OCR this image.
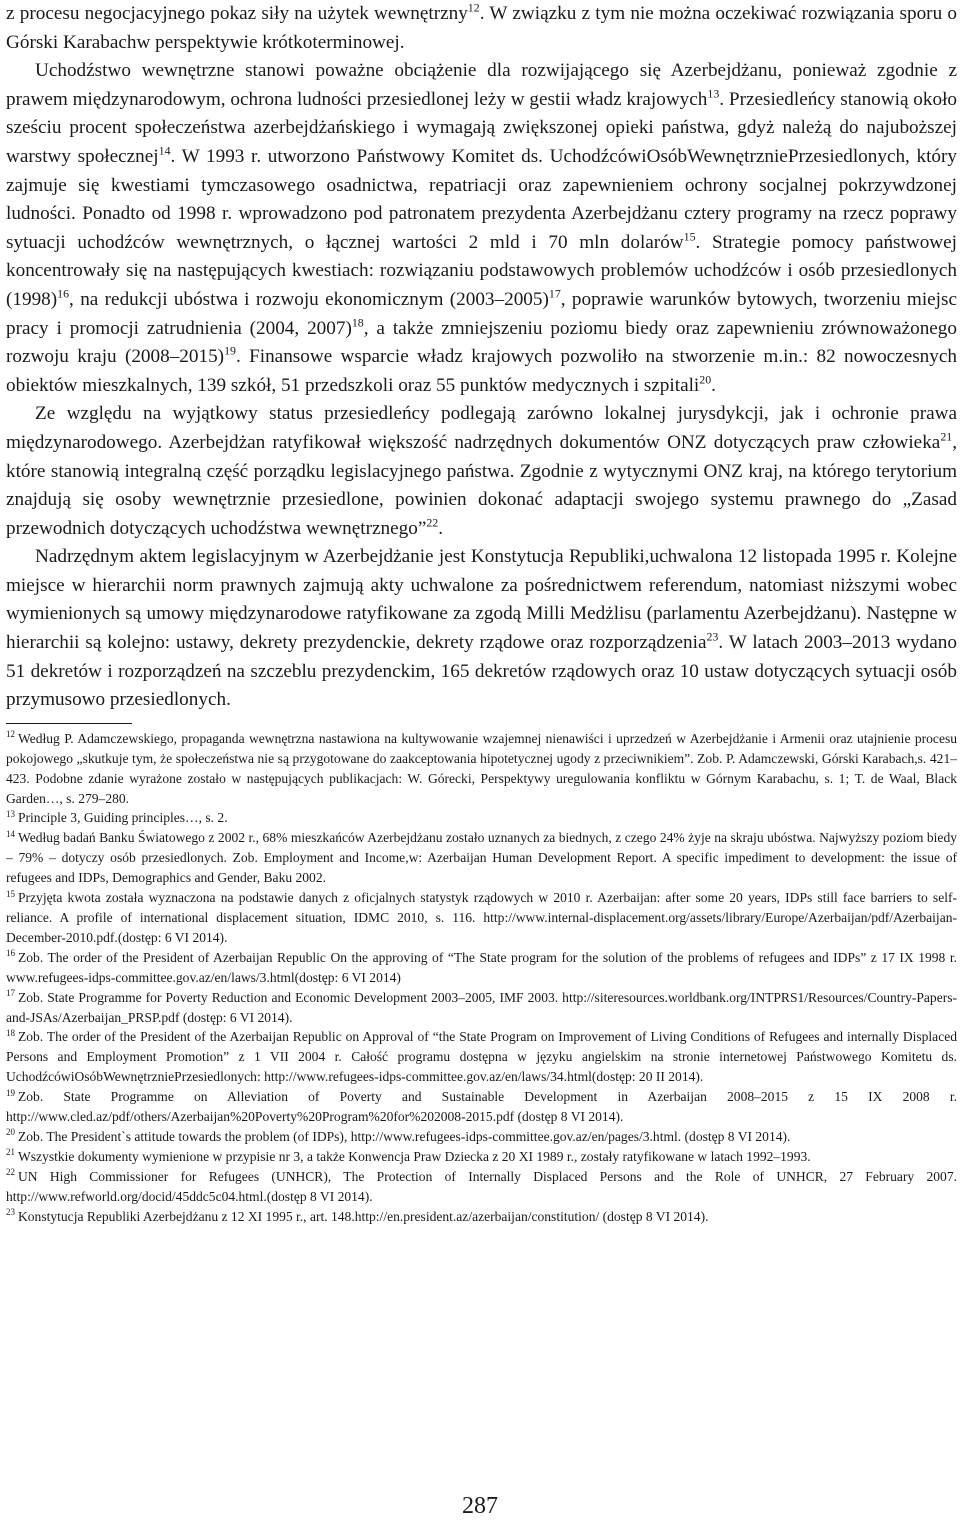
z procesu negocjacyjnego pokaz siły na użytek wewnętrzny$^{12}$. W związku z tym nie można oczekiwać rozwiązania sporu o Górski Karabachw perspektywie krótkoterminowej.

Uchodźstwo wewnętrzne stanowi poważne obciążenie dla rozwijającego się Azerbejdżanu, ponieważ zgodnie z prawem międzynarodowym, ochrona ludności przesiedlonej leży w gestii władz krajowych$^{13}$. Przesiedleńcy stanowią około sześciu procent społeczeństwa azerbejdżańskiego i wymagają zwiększonej opieki państwa, gdyż należą do najuboższej warstwy społecznej$^{14}$. W 1993 r. utworzono Państwowy Komitet ds. UchodźcówiOsóbWewnętrzniePrzesiedlonych, który zajmuje się kwestiami tymczasowego osadnictwa, repatriacji oraz zapewnieniem ochrony socjalnej pokrzywdzonej ludności. Ponadto od 1998 r. wprowadzono pod patronatem prezydenta Azerbejdżanu cztery programy na rzecz poprawy sytuacji uchodźców wewnętrznych, o łącznej wartości 2 mld i 70 mln dolarów$^{15}$. Strategie pomocy państwowej koncentrowały się na następujących kwestiach: rozwiązaniu podstawowych problemów uchodźców i osób przesiedlonych $(1998)^{16}$, na redukcji ubóstwa i rozwoju ekonomicznym (2003–2005)$^{17}$, poprawie warunków bytowych, tworzeniu miejsc pracy i promocji zatrudnienia (2004, 2007)$^{18}$, a także zmniejszeniu poziomu biedy oraz zapewnieniu zrównoważonego rozwoju kraju (2008–2015)$^{19}$. Finansowe wsparcie władz krajowych pozwoliło na stworzenie m.in.: 82 nowoczesnych obiektów mieszkalnych, 139 szkół, 51 przedszkoli oraz 55 punktów medycznych i szpitali$^{20}$.

Ze względu na wyjątkowy status przesiedleńcy podlegają zarówno lokalnej jurysdykcji, jak i ochronie prawa międzynarodowego. Azerbejdżan ratyfikował większość nadrzędnych dokumentów ONZ dotyczących praw człowieka$^{21}$, które stanowią integralną część porządku legislacyjnego państwa. Zgodnie z wytycznymi ONZ kraj, na którego terytorium znajdują się osoby wewnętrznie przesiedlone, powinien dokonać adaptacji swojego systemu prawnego do „Zasad przewodnich dotyczących uchodźstwa wewnętrznego”$^{22}$.

Nadrzędnym aktem legislacyjnym w Azerbejdżanie jest Konstytucja Republiki,uchwalona 12 listopada 1995 r. Kolejne miejsce w hierarchii norm prawnych zajmują akty uchwalone za pośrednictwem referendum, natomiast niższymi wobec wymienionych są umowy międzynarodowe ratyfikowane za zgodą Milli Medżlisu (parlamentu Azerbejdżanu). Następne w hierarchii są kolejno: ustawy, dekrety prezydenckie, dekrety rządowe oraz rozporządzenia$^{23}$. W latach 2003–2013 wydano 51 dekretów i rozporządzeń na szczeblu prezydenckim, 165 dekretów rządowych oraz 10 ustaw dotyczących sytuacji osób przymusowo przesiedlonych.

$^{12}$ Według P. Adamczewskiego, propaganda wewnętrzna nastawiona na kultywowanie wzajemnej nienawiści i uprzedzeń w Azerbejdżanie i Armenii oraz utajnienie procesu pokojowego „skutkuje tym, że społeczeństwa nie są przygotowane do zaakceptowania hipotetycznej ugody z przeciwnikiem”. Zob. P. Adamczewski, Górski Karabach,s. 421–423. Podobne zdanie wyrażone zostało w następujących publikacjach: W. Górecki, Perspektywy uregulowania konfliktu w Górnym Karabachu, s. 1; T. de Waal, Black Garden…, s. 279–280.

$^{13}$ Principle 3, Guiding principles…, s. 2.

$^{14}$ Według badań Banku Światowego z 2002 r., 68% mieszkańców Azerbejdżanu zostało uznanych za biednych, z czego 24% żyje na skraju ubóstwa. Najwyższy poziom biedy – 79% – dotyczy osób przesiedlonych. Zob. Employment and Income,w: Azerbaijan Human Development Report. A specific impediment to development: the issue of refugees and IDPs, Demographics and Gender, Baku 2002.

$^{15}$ Przyjęta kwota została wyznaczona na podstawie danych z oficjalnych statystyk rządowych w 2010 r. Azerbaijan: after some 20 years, IDPs still face barriers to self-reliance. A profile of international displacement situation, IDMC 2010, s. 116. http://www.internal-displacement.org/assets/library/Europe/Azerbaijan/pdf/Azerbaijan-December-2010.pdf.(dostęp: 6 VI 2014).

$^{16}$ Zob. The order of the President of Azerbaijan Republic On the approving of “The State program for the solution of the problems of refugees and IDPs” z 17 IX 1998 r. www.refugees-idps-committee.gov.az/en/laws/3.html(dostęp: 6 VI 2014)

$^{17}$ Zob. State Programme for Poverty Reduction and Economic Development 2003–2005, IMF 2003. http://siteresources.worldbank.org/INTPRS1/Resources/Country-Papers-and-JSAs/Azerbaijan_PRSP.pdf (dostęp: 6 VI 2014).

$^{18}$ Zob. The order of the President of the Azerbaijan Republic on Approval of “the State Program on Improvement of Living Conditions of Refugees and internally Displaced Persons and Employment Promotion” z 1 VII 2004 r. Całość programu dostępna w języku angielskim na stronie internetowej Państwowego Komitetu ds. UchodźcówiOsóbWewnętrzniePrzesiedlonych: http://www.refugees-idps-committee.gov.az/en/laws/34.html(dostęp: 20 II 2014).

$^{19}$ Zob. State Programme on Alleviation of Poverty and Sustainable Development in Azerbaijan 2008–2015 z 15 IX 2008 r. http://www.cled.az/pdf/others/Azerbaijan%20Poverty%20Program%20for%202008-2015.pdf (dostęp 8 VI 2014).

$^{20}$ Zob. The President`s attitude towards the problem (of IDPs), http://www.refugees-idps-committee.gov.az/en/pages/3.html. (dostęp 8 VI 2014).

$^{21}$ Wszystkie dokumenty wymienione w przypisie nr 3, a także Konwencja Praw Dziecka z 20 XI 1989 r., zostały ratyfikowane w latach 1992–1993.

$^{22}$ UN High Commissioner for Refugees (UNHCR), The Protection of Internally Displaced Persons and the Role of UNHCR, 27 February 2007. http://www.refworld.org/docid/45ddc5c04.html.(dostęp 8 VI 2014).

$^{23}$ Konstytucja Republiki Azerbejdżanu z 12 XI 1995 r., art. 148.http://en.president.az/azerbaijan/constitution/ (dostęp 8 VI 2014).

287
